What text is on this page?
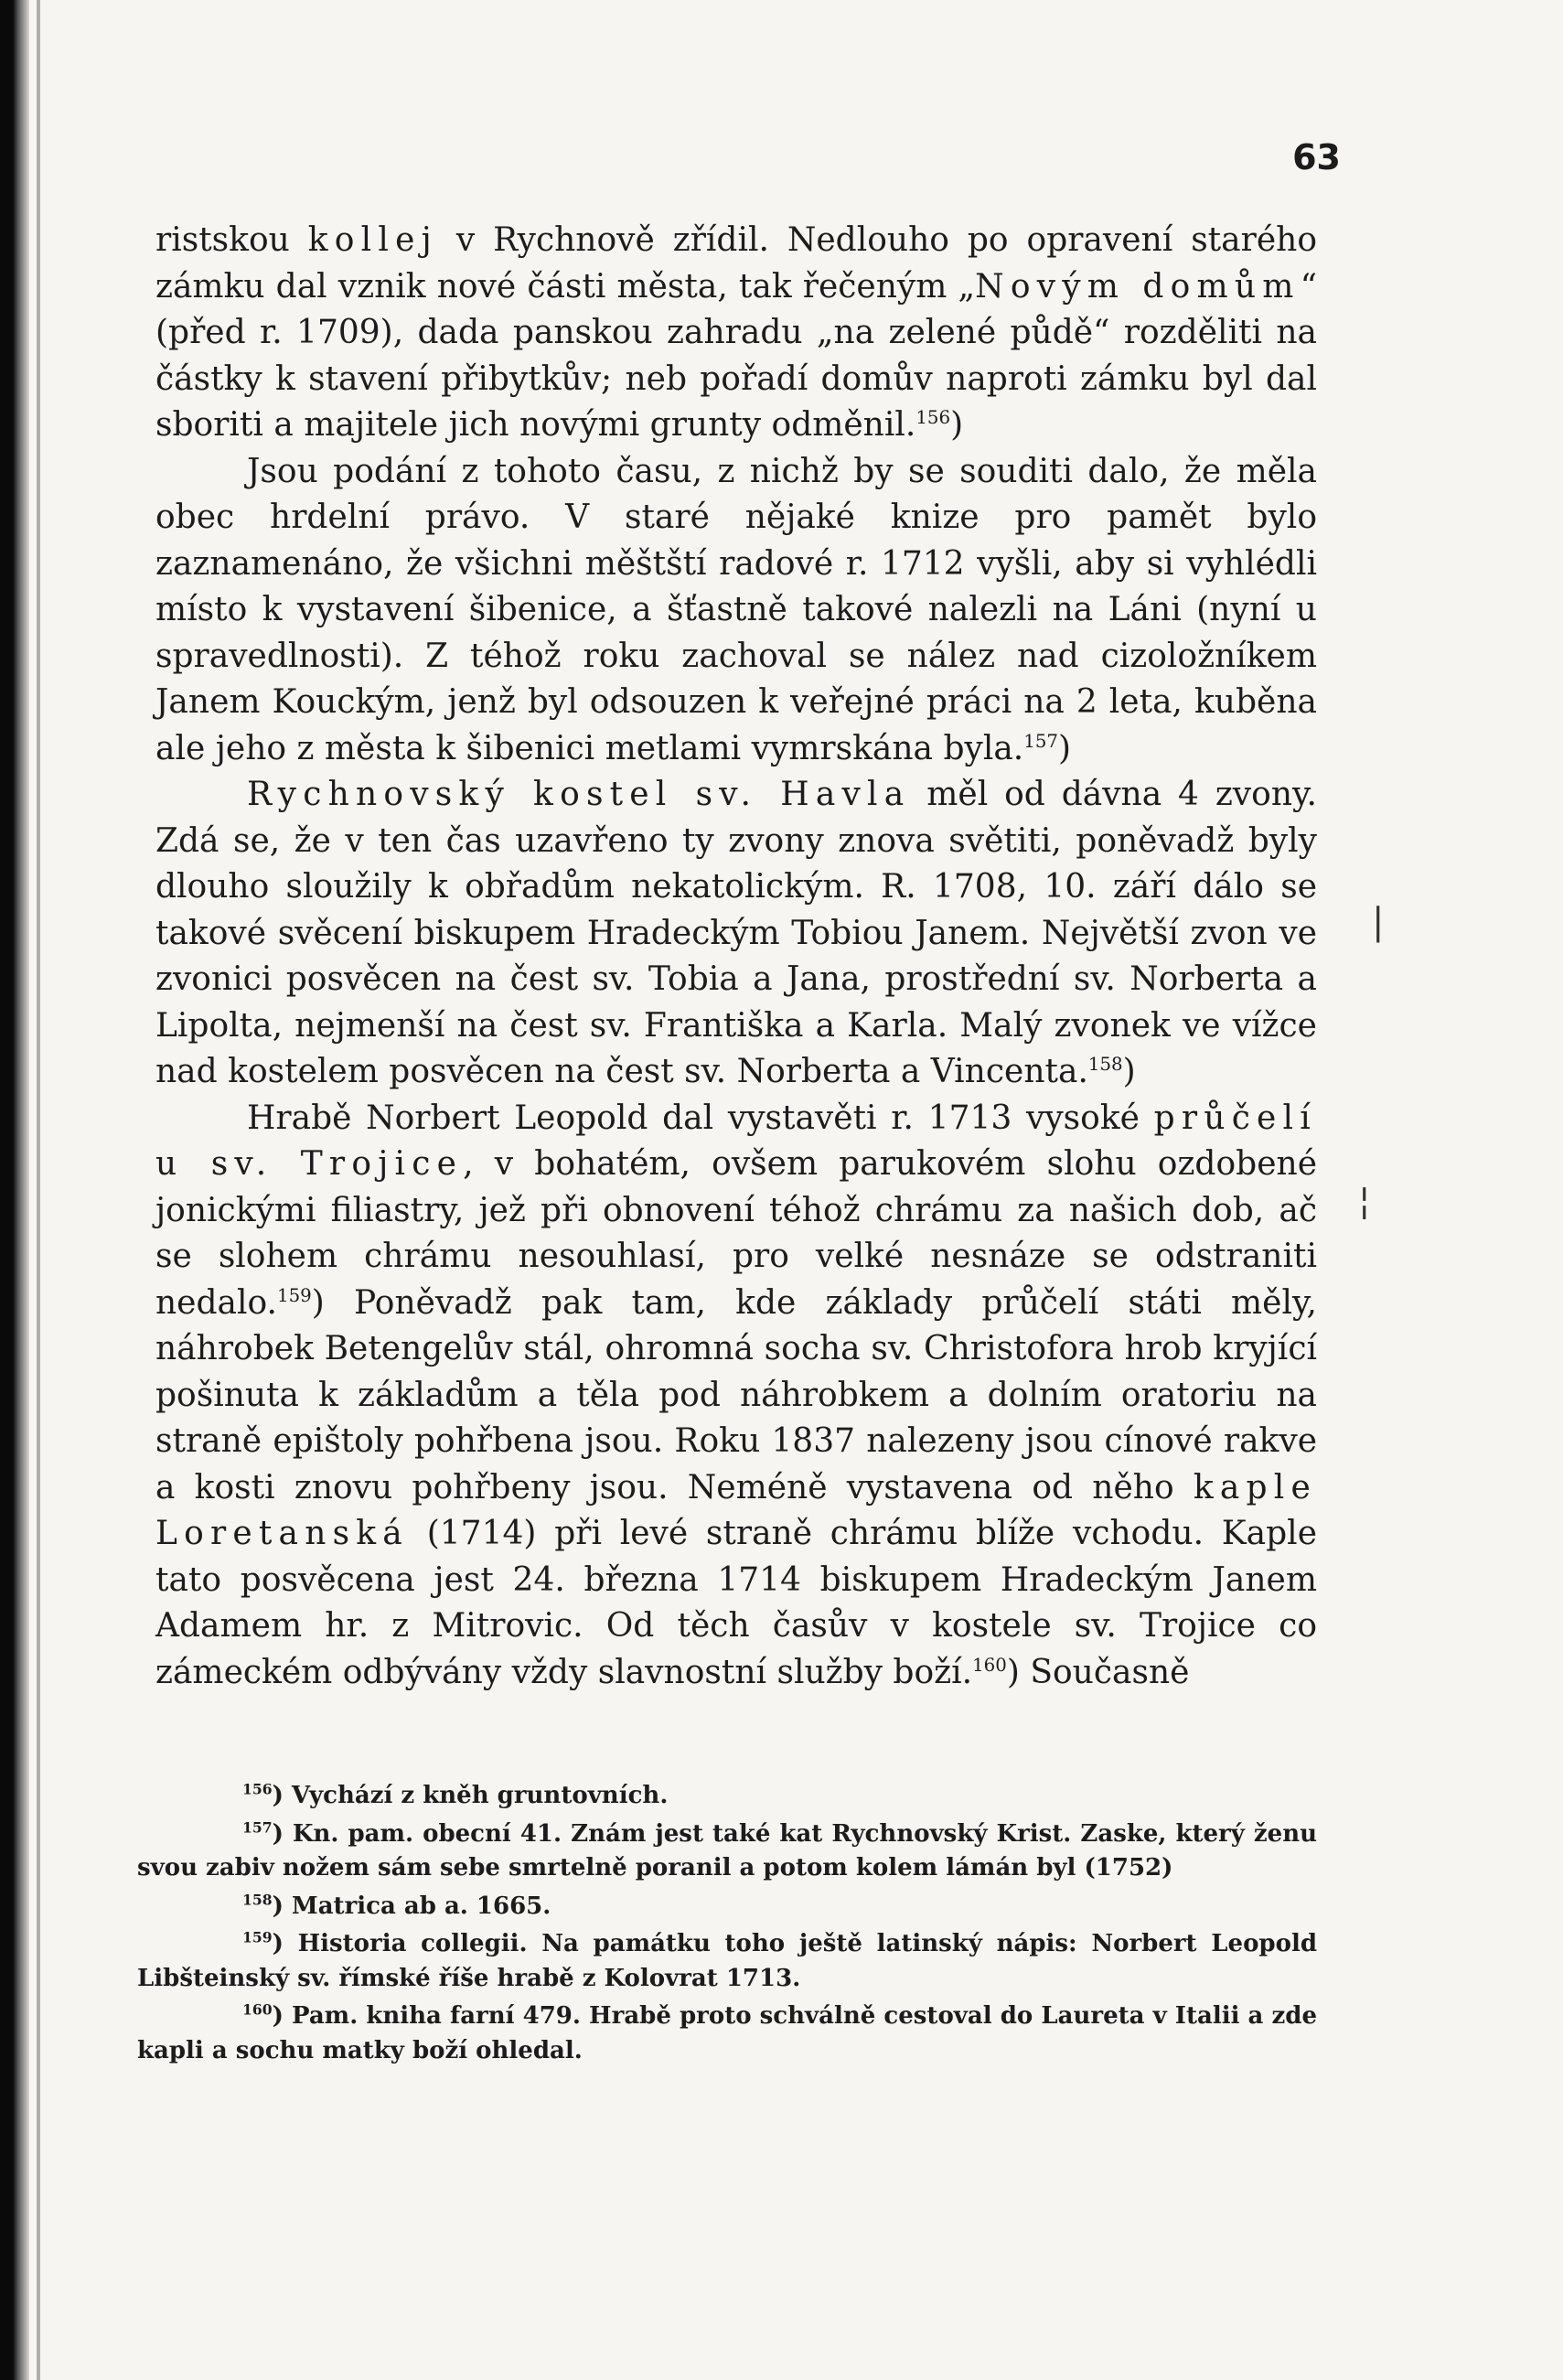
63

ristskou kollej v Rychnově zřídil. Nedlouho po opravení starého zámku dal vznik nové části města, tak řečeným „Novým domům“ (před r. 1709), dada panskou zahradu „na zelené půdě“ rozděliti na částky k stavení přibytkův; neb pořadí domův naproti zámku byl dal sboriti a majitele jich novými grunty odměnil.$^{156}$)

Jsou podání z tohoto času, z nichž by se souditi dalo, že měla obec hrdelní právo. V staré nějaké knize pro pamět bylo zaznamenáno, že všichni měštští radové r. 1712 vyšli, aby si vyhlédli místo k vystavení šibenice, a šťastně takové nalezli na Láni (nyní u spravedlnosti). Z téhož roku zachoval se nález nad cizoložníkem Janem Kouckým, jenž byl odsouzen k veřejné práci na 2 leta, kuběna ale jeho z města k šibenici metlami vymrskána byla.$^{157}$)

Rychnovský kostel sv. Havla měl od dávna 4 zvony. Zdá se, že v ten čas uzavřeno ty zvony znova světiti, poněvadž byly dlouho sloužily k obřadům nekatolickým. R. 1708, 10. září dálo se takové svěcení biskupem Hradeckým Tobiou Janem. Největší zvon ve zvonici posvěcen na čest sv. Tobia a Jana, prostřední sv. Norberta a Lipolta, nejmenší na čest sv. Františka a Karla. Malý zvonek ve vížce nad kostelem posvěcen na čest sv. Norberta a Vincenta.$^{158}$)

Hrabě Norbert Leopold dal vystavěti r. 1713 vysoké průčelí u sv. Trojice, v bohatém, ovšem parukovém slohu ozdobené jonickými filiastry, jež při obnovení téhož chrámu za našich dob, ač se slohem chrámu nesouhlasí, pro velké nesnáze se odstraniti nedalo.$^{159}$) Poněvadž pak tam, kde základy průčelí státi měly, náhrobek Betengelův stál, ohromná socha sv. Christofora hrob kryjící pošinuta k základům a těla pod náhrobkem a dolním oratoriu na straně epištoly pohřbena jsou. Roku 1837 nalezeny jsou cínové rakve a kosti znovu pohřbeny jsou. Neméně vystavena od něho kaple Loretanská (1714) při levé straně chrámu blíže vchodu. Kaple tato posvěcena jest 24. března 1714 biskupem Hradeckým Janem Adamem hr. z Mitrovic. Od těch časův v kostele sv. Trojice co zámeckém odbývány vždy slavnostní služby boží.$^{160}$) Současně

$^{156}$) Vychází z kněh gruntovních.
$^{157}$) Kn. pam. obecní 41. Znám jest také kat Rychnovský Krist. Zaske, který ženu svou zabiv nožem sám sebe smrtelně poranil a potom kolem lámán byl (1752)
$^{158}$) Matrica ab a. 1665.
$^{159}$) Historia collegii. Na památku toho ještě latinský nápis: Norbert Leopold Libšteinský sv. římské říše hrabě z Kolovrat 1713.
$^{160}$) Pam. kniha farní 479. Hrabě proto schválně cestoval do Laureta v Italii a zde kapli a sochu matky boží ohledal.
|
¦
